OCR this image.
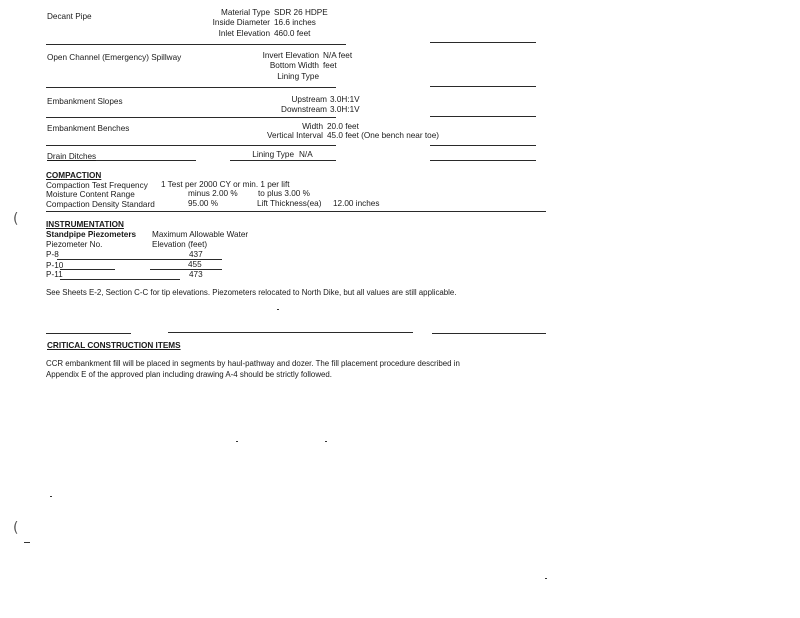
Decant Pipe	Material Type SDR 26 HDPE
Inside Diameter 16.6 inches
Inlet Elevation 460.0 feet
Open Channel (Emergency) Spillway	Invert Elevation N/A feet
Bottom Width feet
Lining Type
Embankment Slopes	Upstream 3.0H:1V
Downstream 3.0H:1V
Embankment Benches	Width 20.0 feet
Vertical Interval 45.0 feet (One bench near toe)
Drain Ditches	Lining Type N/A
COMPACTION
Compaction Test Frequency 1 Test per 2000 CY or min. 1 per lift
Moisture Content Range	minus 2.00 % to plus 3.00 %
Compaction Density Standard	95.00 %	Lift Thickness(ea) 12.00 inches
INSTRUMENTATION
Standpipe Piezometers Maximum Allowable Water
Piezometer No.	Elevation (feet)
P-8	437
P-10	455
P-11	473
See Sheets E-2, Section C-C for tip elevations. Piezometers relocated to North Dike, but all values are still applicable.
CRITICAL CONSTRUCTION ITEMS
CCR embankment fill will be placed in segments by haul-pathway and dozer. The fill placement procedure described in
Appendix E of the approved plan including drawing A-4 should be strictly followed.
(
(
